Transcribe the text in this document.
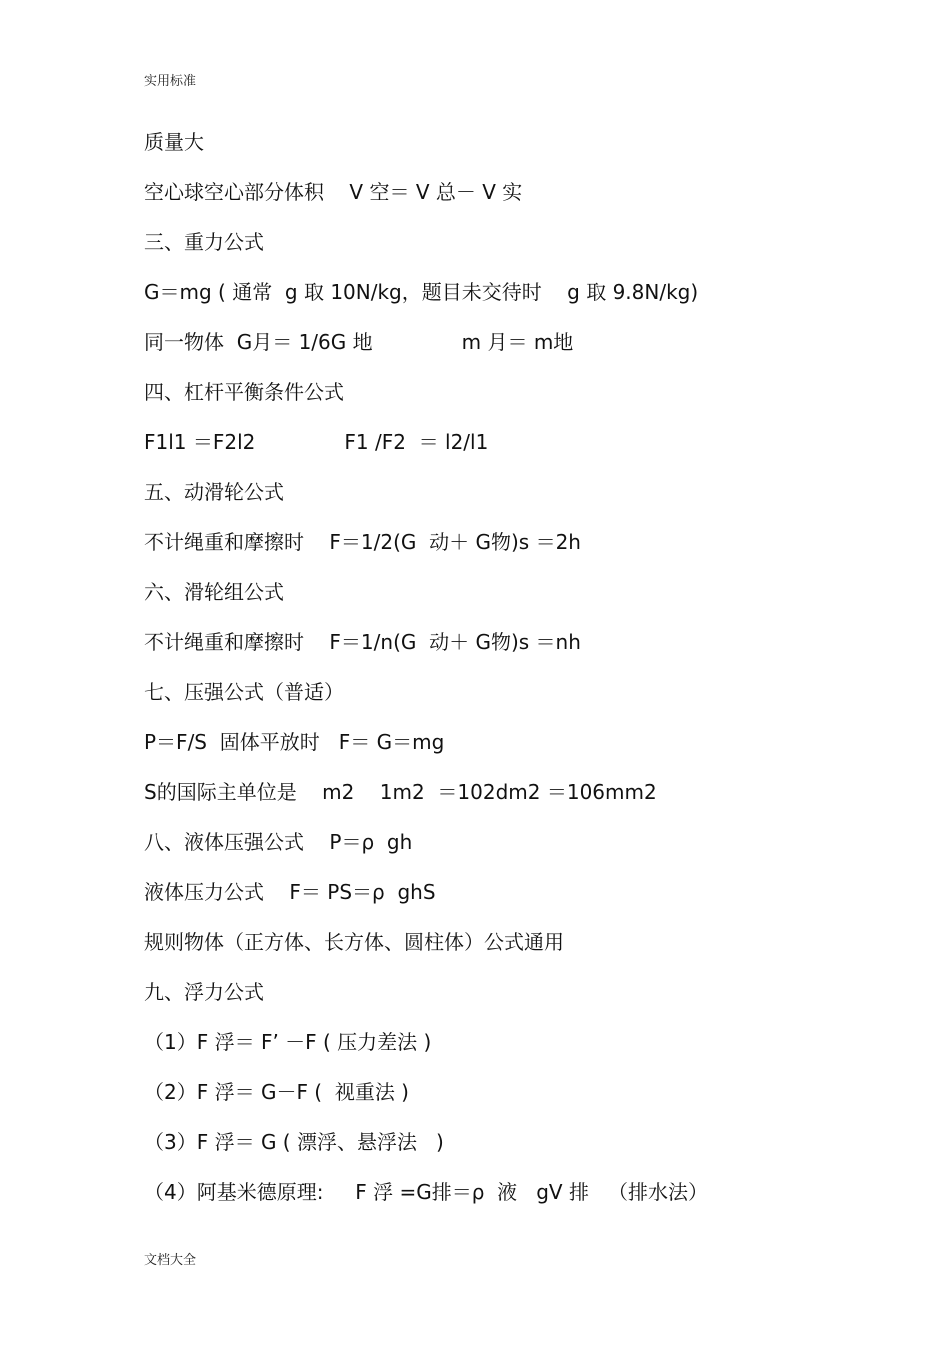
实用标准
质量大
空心球空心部分体积    V 空＝ V 总－ V 实
三、重力公式
G＝mg ( 通常  g 取 10N/kg，题目未交待时    g 取 9.8N/kg)
同一物体  G月＝ 1/6G 地              m 月＝ m地
四、杠杆平衡条件公式
F1l1 ＝F2l2              F1 /F2  ＝ l2/l1
五、动滑轮公式
不计绳重和摩擦时    F＝1/2(G  动＋ G物)s ＝2h
六、滑轮组公式
不计绳重和摩擦时    F＝1/n(G  动＋ G物)s ＝nh
七、压强公式（普适）
P＝F/S  固体平放时   F＝ G＝mg
S的国际主单位是    m2    1m2  ＝102dm2 ＝106mm2
八、液体压强公式    P＝ρ  gh
液体压力公式    F＝ PS＝ρ  ghS
规则物体（正方体、长方体、圆柱体）公式通用
九、浮力公式
（1）F 浮＝ F’ －F ( 压力差法 )
（2）F 浮＝ G－F (  视重法 )
（3）F 浮＝ G ( 漂浮、悬浮法   )
（4）阿基米德原理:     F 浮 =G排＝ρ  液   gV 排   （排水法）
文档大全
